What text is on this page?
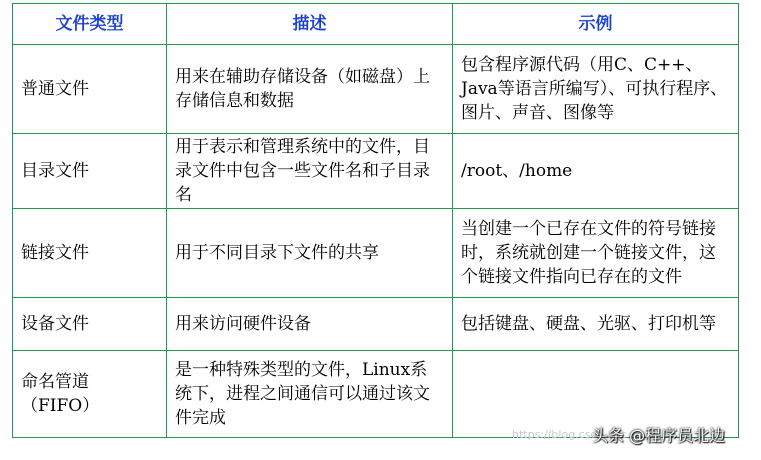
文件类型	描述	示例
普通文件	用来在辅助存储设备（如磁盘）上存储信息和数据	包含程序源代码（用C、C++、Java等语言所编写）、可执行程序、图片、声音、图像等
目录文件	用于表示和管理系统中的文件，目录文件中包含一些文件名和子目录名	/root、/home
链接文件	用于不同目录下文件的共享	当创建一个已存在文件的符号链接时，系统就创建一个链接文件，这个链接文件指向已存在的文件
设备文件	用来访问硬件设备	包括键盘、硬盘、光驱、打印机等
命名管道（FIFO）	是一种特殊类型的文件，Linux系统下，进程之间通信可以通过该文件完成	
https://blog.csdn.net
头条 @程序员北边
